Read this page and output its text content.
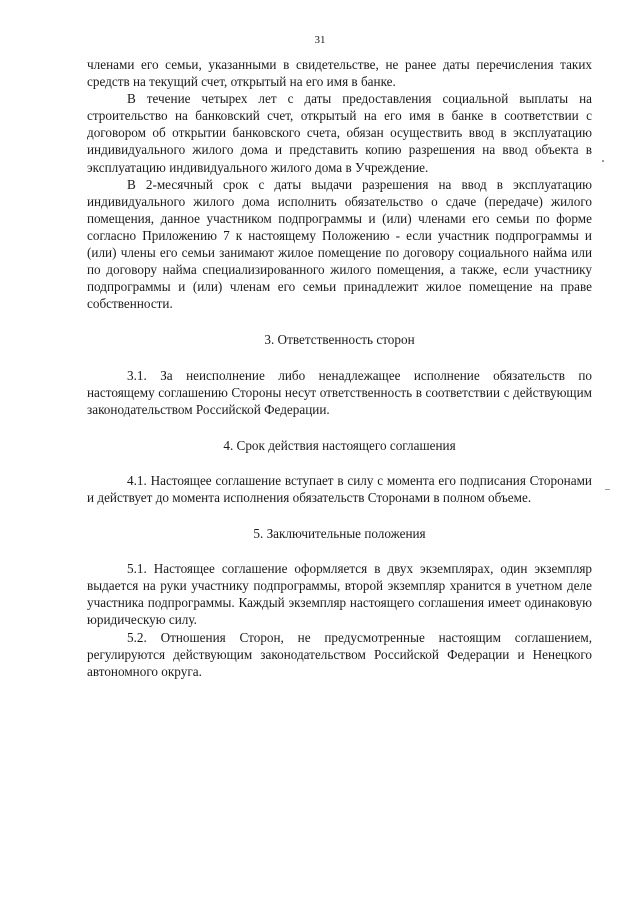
31

членами его семьи, указанными в свидетельстве, не ранее даты перечисления таких средств на текущий счет, открытый на его имя в банке.

В течение четырех лет с даты предоставления социальной выплаты на строительство на банковский счет, открытый на его имя в банке в соответствии с договором об открытии банковского счета, обязан осуществить ввод в эксплуатацию индивидуального жилого дома и представить копию разрешения на ввод объекта в эксплуатацию индивидуального жилого дома в Учреждение.

В 2-месячный срок с даты выдачи разрешения на ввод в эксплуатацию индивидуального жилого дома исполнить обязательство о сдаче (передаче) жилого помещения, данное участником подпрограммы и (или) членами его семьи по форме согласно Приложению 7 к настоящему Положению - если участник подпрограммы и (или) члены его семьи занимают жилое помещение по договору социального найма или по договору найма специализированного жилого помещения, а также, если участнику подпрограммы и (или) членам его семьи принадлежит жилое помещение на праве собственности.

3. Ответственность сторон

3.1. За неисполнение либо ненадлежащее исполнение обязательств по настоящему соглашению Стороны несут ответственность в соответствии с действующим законодательством Российской Федерации.

4. Срок действия настоящего соглашения

4.1. Настоящее соглашение вступает в силу с момента его подписания Сторонами и действует до момента исполнения обязательств Сторонами в полном объеме.

5. Заключительные положения

5.1. Настоящее соглашение оформляется в двух экземплярах, один экземпляр выдается на руки участнику подпрограммы, второй экземпляр хранится в учетном деле участника подпрограммы. Каждый экземпляр настоящего соглашения имеет одинаковую юридическую силу.

5.2. Отношения Сторон, не предусмотренные настоящим соглашением, регулируются действующим законодательством Российской Федерации и Ненецкого автономного округа.
